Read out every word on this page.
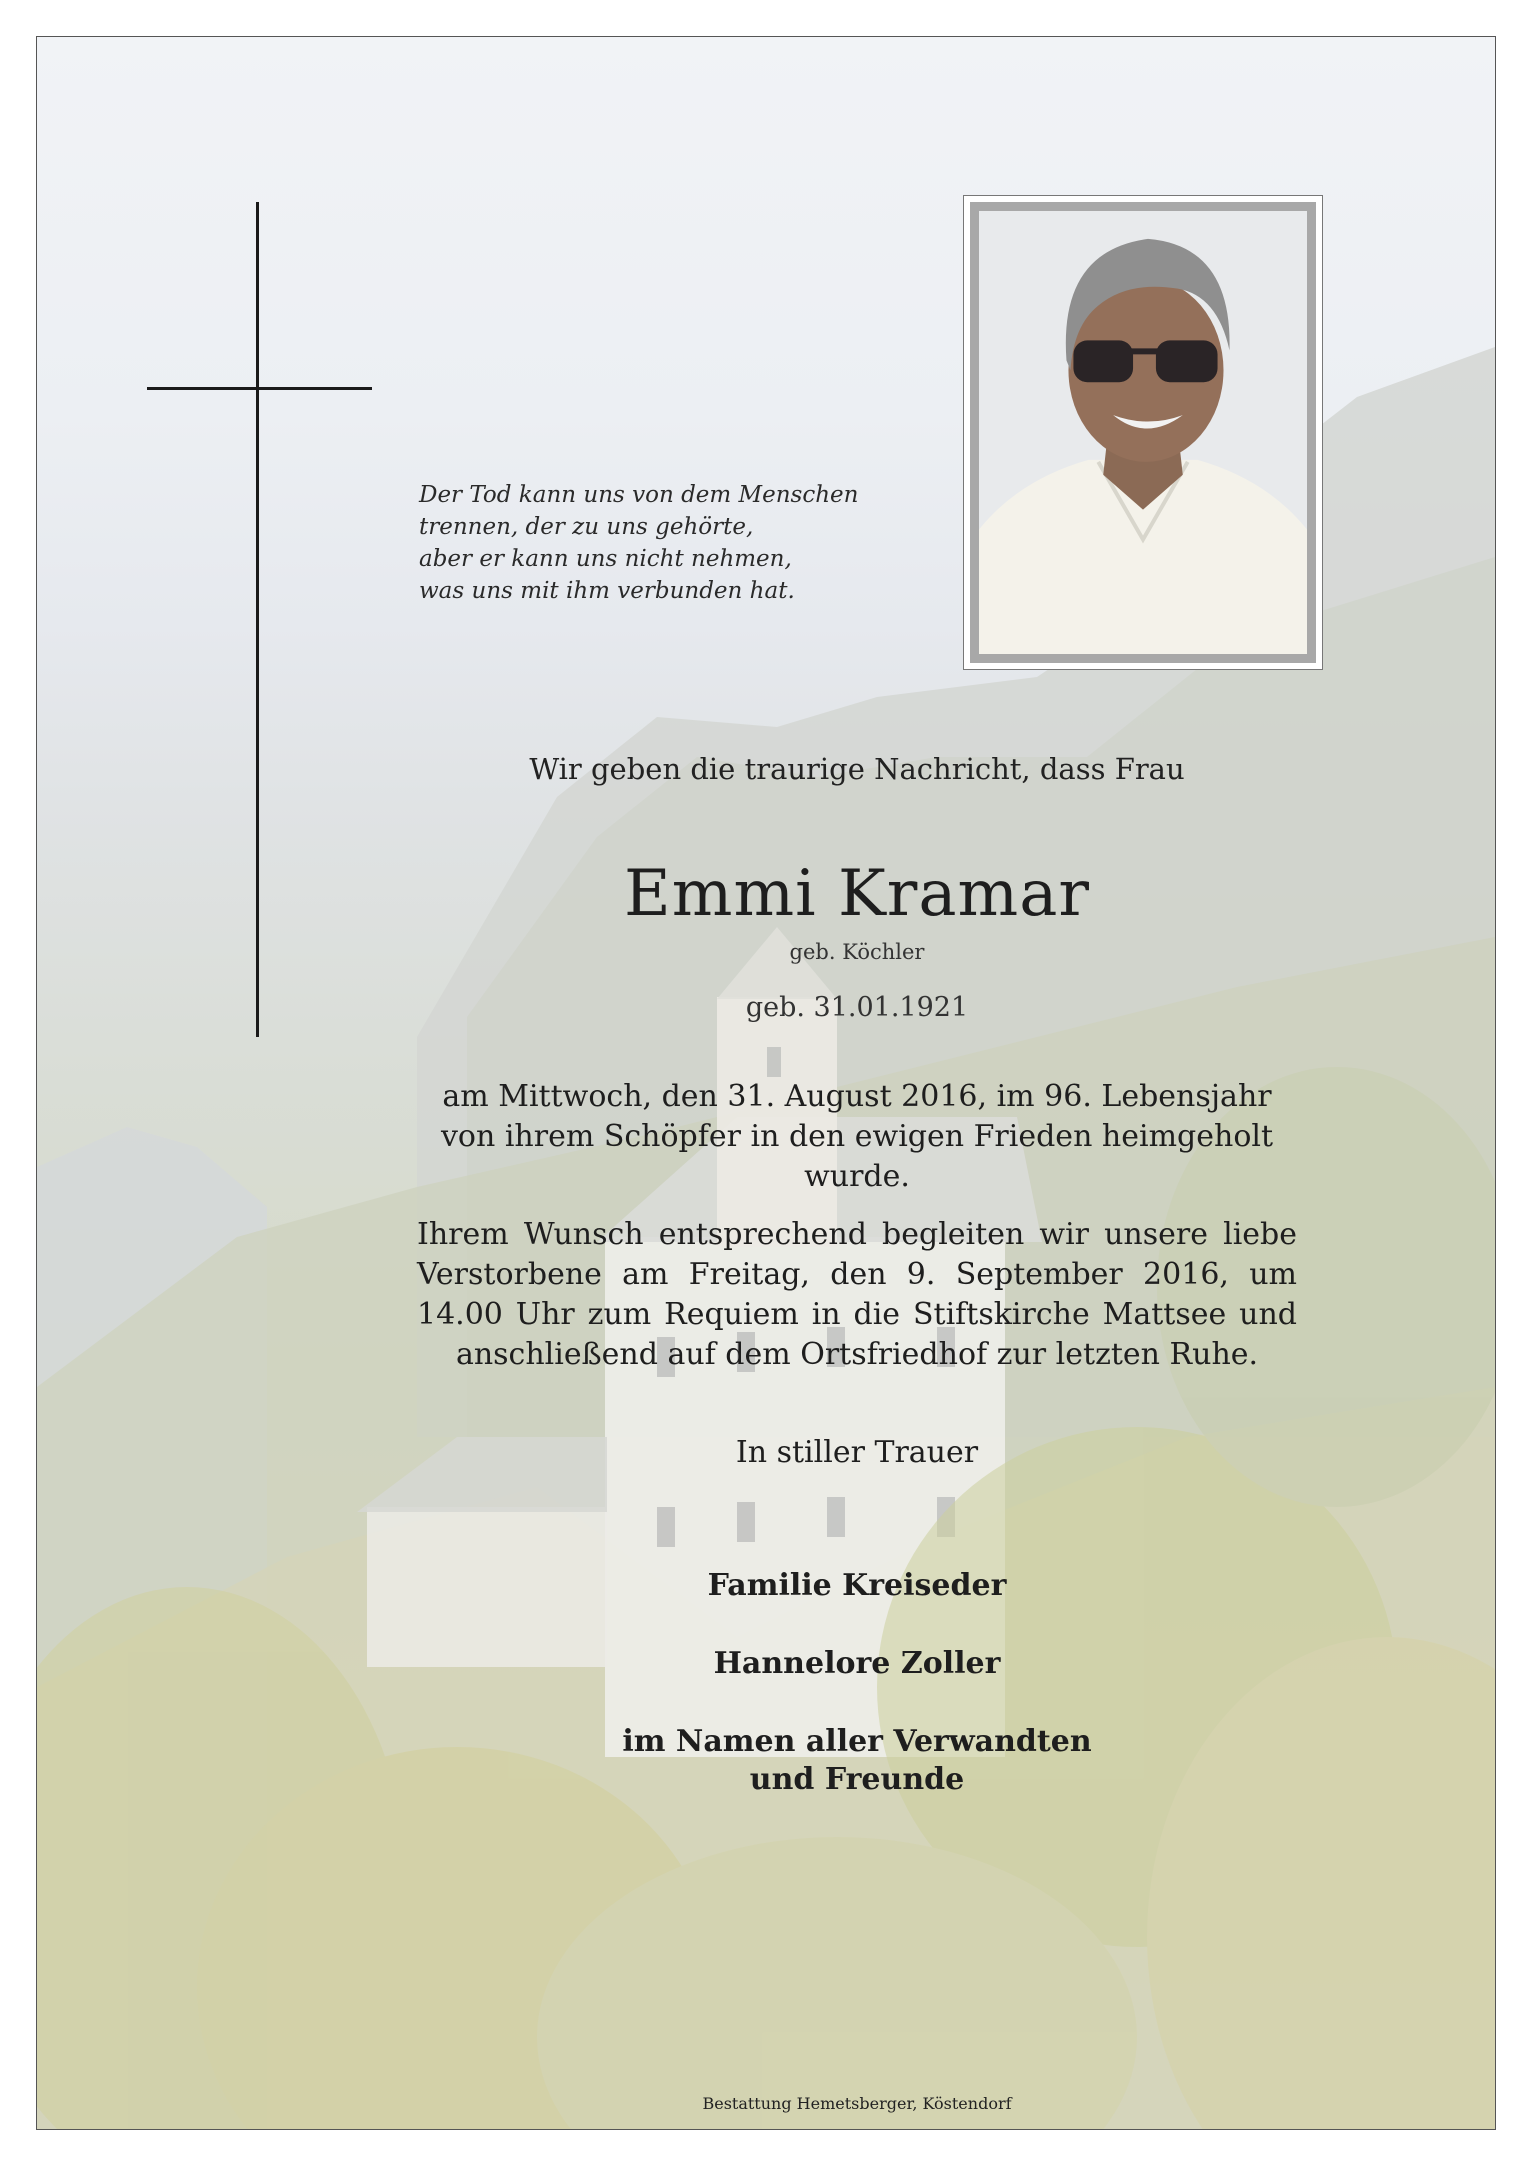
Der Tod kann uns von dem Menschen
trennen, der zu uns gehörte,
aber er kann uns nicht nehmen,
was uns mit ihm verbunden hat.
Wir geben die traurige Nachricht, dass Frau
Emmi Kramar
geb. Köchler
geb. 31.01.1921
am Mittwoch, den 31. August 2016, im 96. Lebensjahr von ihrem Schöpfer in den ewigen Frieden heimgeholt wurde.
Ihrem Wunsch entsprechend begleiten wir unsere liebe Verstorbene am Freitag, den 9. September 2016, um 14.00 Uhr zum Requiem in die Stiftskirche Mattsee und anschließend auf dem Ortsfriedhof zur letzten Ruhe.
In stiller Trauer
Familie Kreiseder
Hannelore Zoller
im Namen aller Verwandten und Freunde
Bestattung Hemetsberger, Köstendorf
